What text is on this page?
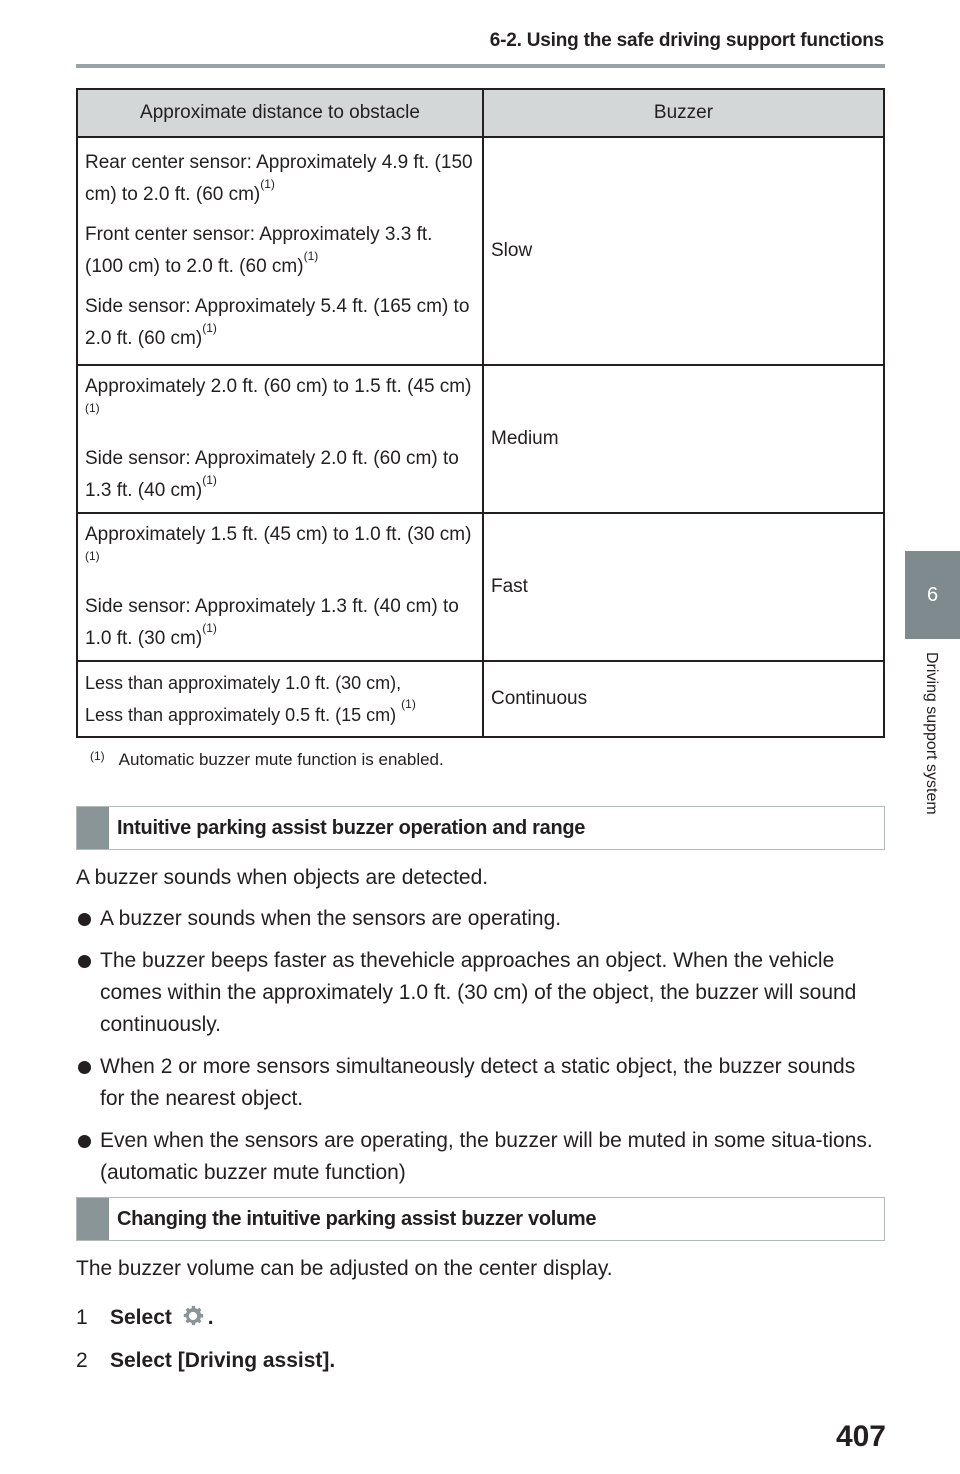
6-2. Using the safe driving support functions
6
Driving support system
Approximate distance to obstacle	Buzzer

Rear center sensor: Approximately 4.9 ft. (150 cm) to 2.0 ft. (60 cm)$^{(1)}$

Front center sensor: Approximately 3.3 ft. (100 cm) to 2.0 ft. (60 cm)$^{(1)}$

Side sensor: Approximately 5.4 ft. (165 cm) to 2.0 ft. (60 cm)$^{(1)}$	Slow

Approximately 2.0 ft. (60 cm) to 1.5 ft. (45 cm)$^{(1)}$

Side sensor: Approximately 2.0 ft. (60 cm) to 1.3 ft. (40 cm)$^{(1)}$	Medium

Approximately 1.5 ft. (45 cm) to 1.0 ft. (30 cm)$^{(1)}$

Side sensor: Approximately 1.3 ft. (40 cm) to 1.0 ft. (30 cm)$^{(1)}$	Fast

Less than approximately 1.0 ft. (30 cm),
Less than approximately 0.5 ft. (15 cm) $^{(1)}$	Continuous
$^{(1)}$ Automatic buzzer mute function is enabled.
Intuitive parking assist buzzer operation and range
A buzzer sounds when objects are detected.
A buzzer sounds when the sensors are operating.
The buzzer beeps faster as thevehicle approaches an object. When the vehicle comes within the approximately 1.0 ft. (30 cm) of the object, the buzzer will sound continuously.
When 2 or more sensors simultaneously detect a static object, the buzzer sounds for the nearest object.
Even when the sensors are operating, the buzzer will be muted in some situa-tions. (automatic buzzer mute function)
Changing the intuitive parking assist buzzer volume
The buzzer volume can be adjusted on the center display.
1 Select .
2 Select [Driving assist].
407
